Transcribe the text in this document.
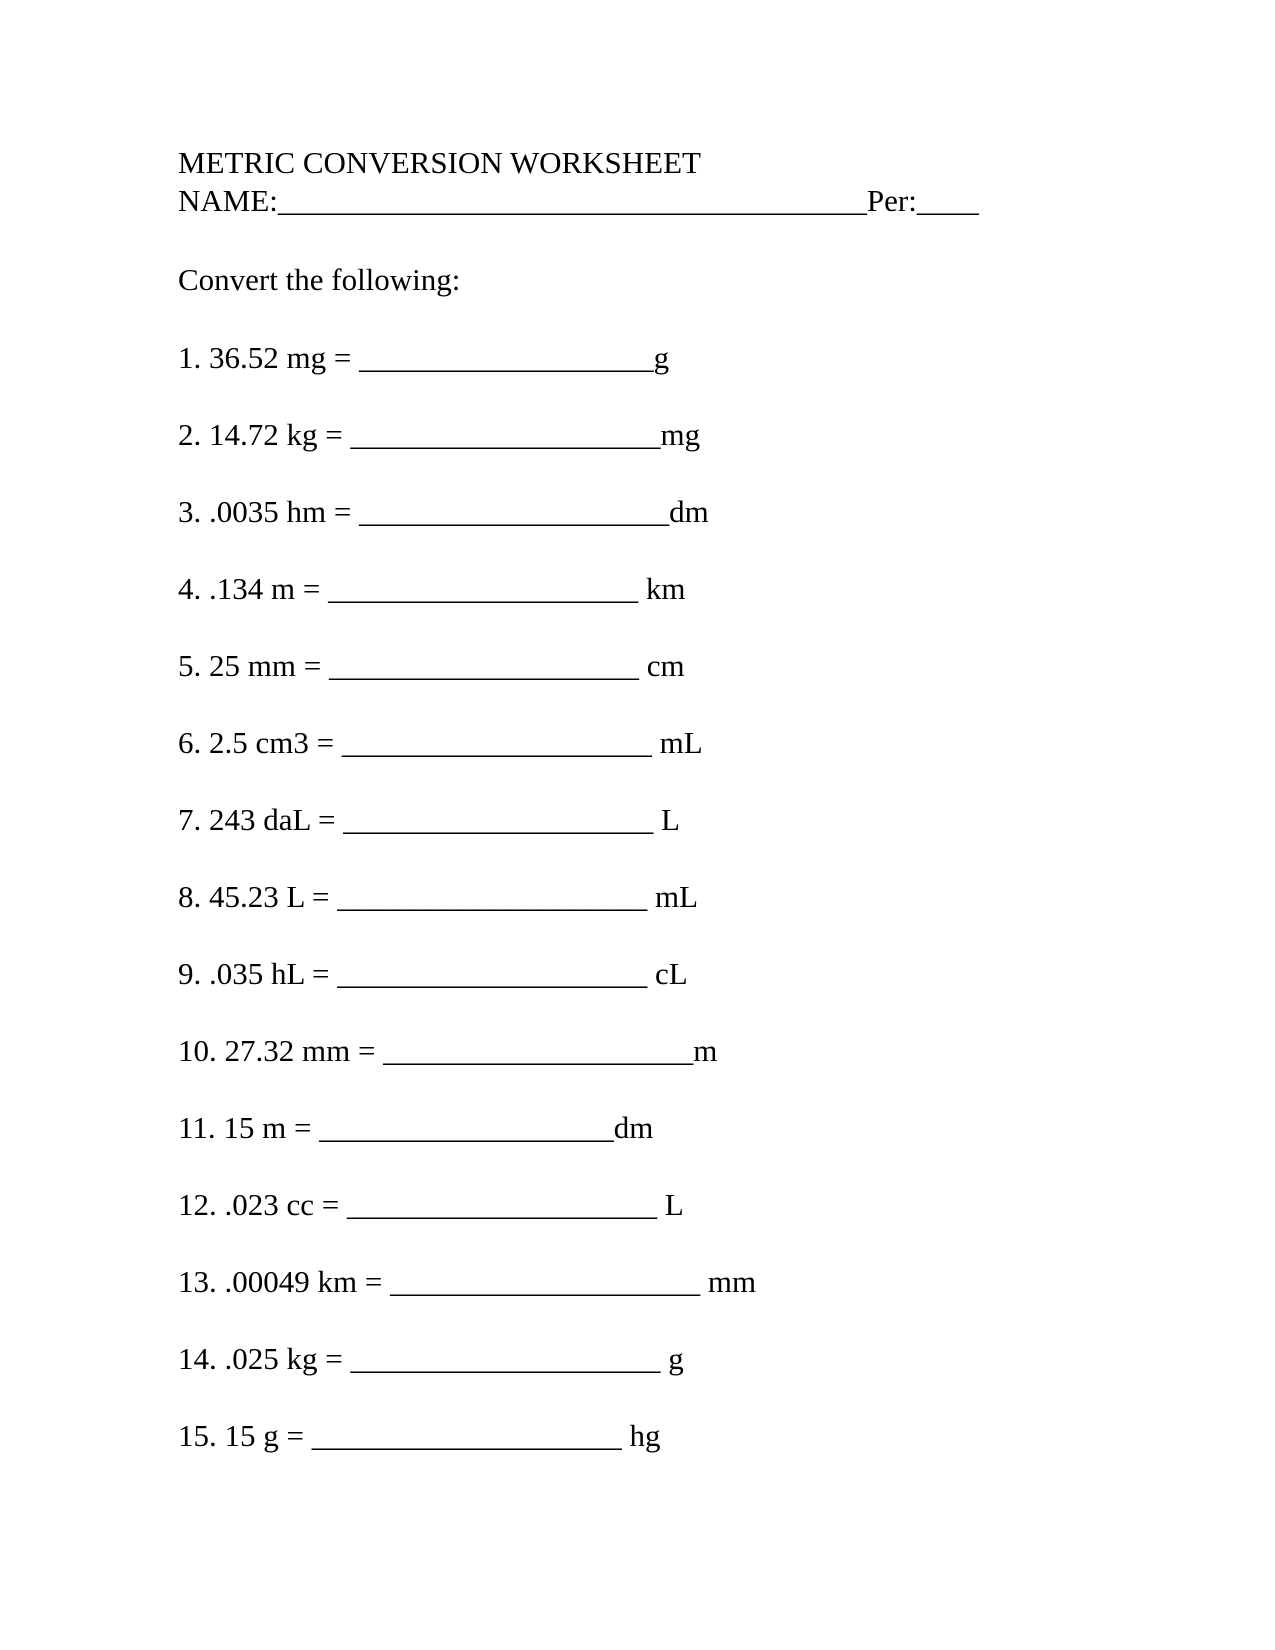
METRIC CONVERSION WORKSHEET
NAME:______________________________________Per:____
Convert the following:
1. 36.52 mg = ___________________g
2. 14.72 kg = ____________________mg
3. .0035 hm = ____________________dm
4. .134 m = ____________________ km
5. 25 mm = ____________________ cm
6. 2.5 cm3 = ____________________ mL
7. 243 daL = ____________________ L
8. 45.23 L = ____________________ mL
9. .035 hL = ____________________ cL
10. 27.32 mm = ____________________m
11. 15 m = ___________________dm
12. .023 cc = ____________________ L
13. .00049 km = ____________________ mm
14. .025 kg = ____________________ g
15. 15 g = ____________________ hg
